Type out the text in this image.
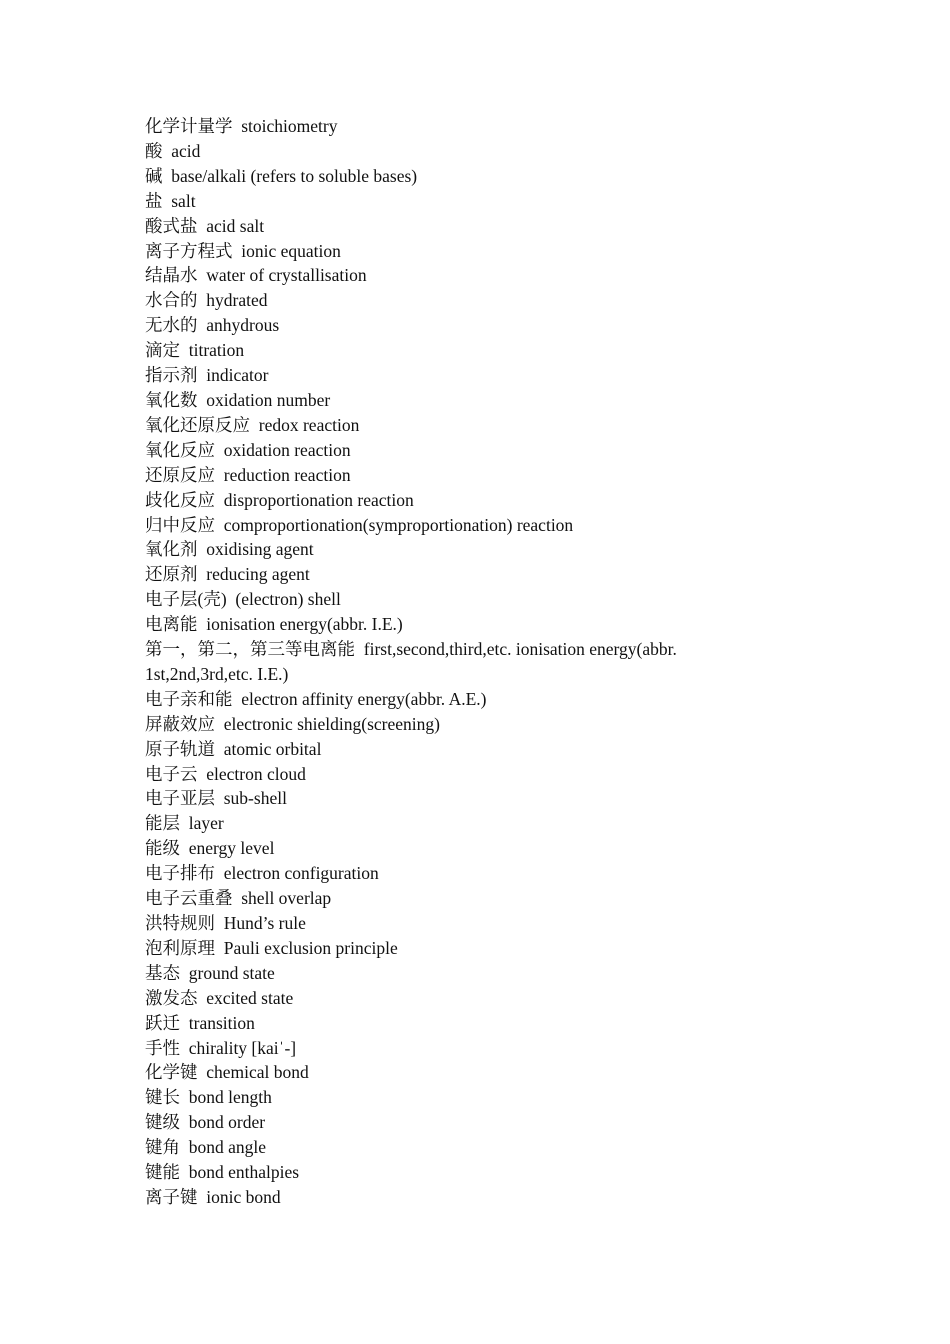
化学计量学 stoichiometry
酸 acid
碱 base/alkali (refers to soluble bases)
盐 salt
酸式盐 acid salt
离子方程式 ionic equation
结晶水 water of crystallisation
水合的 hydrated
无水的 anhydrous
滴定 titration
指示剂 indicator
氧化数 oxidation number
氧化还原反应 redox reaction
氧化反应 oxidation reaction
还原反应 reduction reaction
歧化反应 disproportionation reaction
归中反应 comproportionation(symproportionation) reaction
氧化剂 oxidising agent
还原剂 reducing agent
电子层(壳) (electron) shell
电离能 ionisation energy(abbr. I.E.)
第一，第二，第三等电离能 first,second,third,etc. ionisation energy(abbr. 1st,2nd,3rd,etc. I.E.)
电子亲和能 electron affinity energy(abbr. A.E.)
屏蔽效应 electronic shielding(screening)
原子轨道 atomic orbital
电子云 electron cloud
电子亚层 sub-shell
能层 layer
能级 energy level
电子排布 electron configuration
电子云重叠 shell overlap
洪特规则 Hund’s rule
泡利原理 Pauli exclusion principle
基态 ground state
激发态 excited state
跃迁 transition
手性 chirality [kaiˈ-]
化学键 chemical bond
键长 bond length
键级 bond order
键角 bond angle
键能 bond enthalpies
离子键 ionic bond
